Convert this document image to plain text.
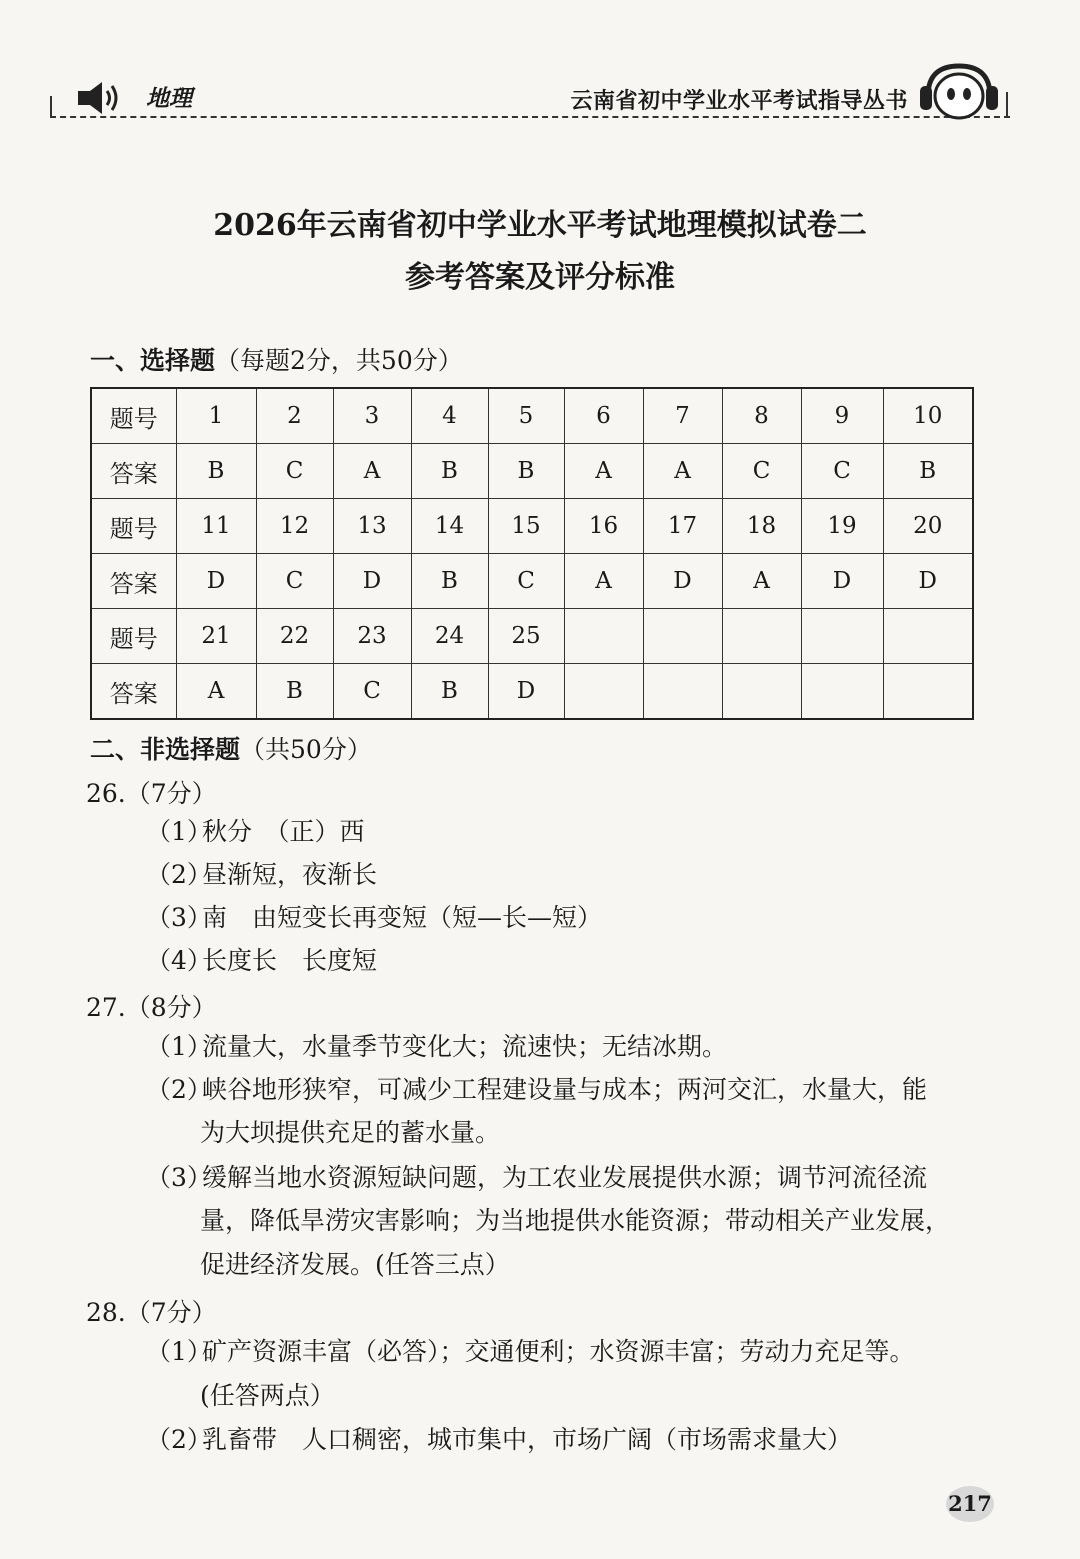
地理	云南省初中学业水平考试指导丛书
2026年云南省初中学业水平考试地理模拟试卷二
参考答案及评分标准
一、选择题（每题2分，共50分）
题号	1	2	3	4	5	6	7	8	9	10
答案	B	C	A	B	B	A	A	C	C	B
题号	11	12	13	14	15	16	17	18	19	20
答案	D	C	D	B	C	A	D	A	D	D
题号	21	22	23	24	25					
答案	A	B	C	B	D					
二、非选择题（共50分）
26.（7分）
（1）秋分　（正）西
（2）昼渐短，夜渐长
（3）南　由短变长再变短（短—长—短）
（4）长度长　长度短
27.（8分）
（1）流量大，水量季节变化大；流速快；无结冰期。
（2）峡谷地形狭窄，可减少工程建设量与成本；两河交汇，水量大，能
为大坝提供充足的蓄水量。
（3）缓解当地水资源短缺问题，为工农业发展提供水源；调节河流径流
量，降低旱涝灾害影响；为当地提供水能资源；带动相关产业发展，
促进经济发展。(任答三点）
28.（7分）
（1）矿产资源丰富（必答）；交通便利；水资源丰富；劳动力充足等。
(任答两点）
（2）乳畜带　人口稠密，城市集中，市场广阔（市场需求量大）
217
